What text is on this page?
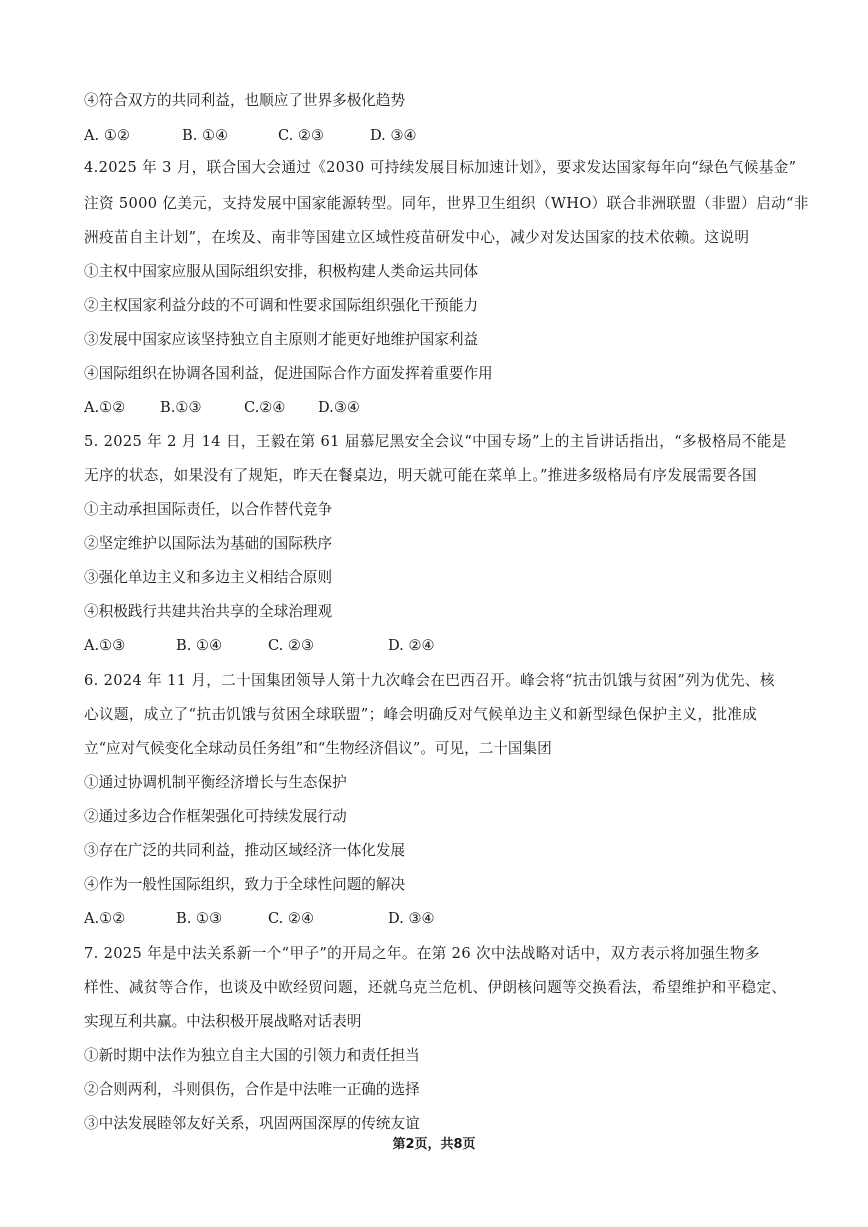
④符合双方的共同利益，也顺应了世界多极化趋势
A. ①②	B. ①④	C. ②③	D. ③④
4.2025 年 3 月，联合国大会通过《2030 可持续发展目标加速计划》，要求发达国家每年向“绿色气候基金”
注资 5000 亿美元，支持发展中国家能源转型。同年，世界卫生组织（WHO）联合非洲联盟（非盟）启动“非
洲疫苗自主计划”，在埃及、南非等国建立区域性疫苗研发中心，减少对发达国家的技术依赖。这说明
①主权中国家应服从国际组织安排，积极构建人类命运共同体
②主权国家利益分歧的不可调和性要求国际组织强化干预能力
③发展中国家应该坚持独立自主原则才能更好地维护国家利益
④国际组织在协调各国利益，促进国际合作方面发挥着重要作用
A.①② B.①③	C.②④ D.③④
5. 2025 年 2 月 14 日，王毅在第 61 届慕尼黑安全会议“中国专场”上的主旨讲话指出，“多极格局不能是
无序的状态，如果没有了规矩，昨天在餐桌边，明天就可能在菜单上。”推进多级格局有序发展需要各国
①主动承担国际责任，以合作替代竞争
②坚定维护以国际法为基础的国际秩序
③强化单边主义和多边主义相结合原则
④积极践行共建共治共享的全球治理观
A.①③	B. ①④	C. ②③	D. ②④
6. 2024 年 11 月，二十国集团领导人第十九次峰会在巴西召开。峰会将“抗击饥饿与贫困”列为优先、核
心议题，成立了“抗击饥饿与贫困全球联盟”；峰会明确反对气候单边主义和新型绿色保护主义，批准成
立“应对气候变化全球动员任务组”和“生物经济倡议”。可见，二十国集团
①通过协调机制平衡经济增长与生态保护
②通过多边合作框架强化可持续发展行动
③存在广泛的共同利益，推动区域经济一体化发展
④作为一般性国际组织，致力于全球性问题的解决
A.①②	B. ①③	C. ②④	D. ③④
7. 2025 年是中法关系新一个“甲子”的开局之年。在第 26 次中法战略对话中，双方表示将加强生物多
样性、减贫等合作，也谈及中欧经贸问题，还就乌克兰危机、伊朗核问题等交换看法，希望维护和平稳定、
实现互利共赢。中法积极开展战略对话表明
①新时期中法作为独立自主大国的引领力和责任担当
②合则两利，斗则俱伤，合作是中法唯一正确的选择
③中法发展睦邻友好关系，巩固两国深厚的传统友谊
第2页，共8页
